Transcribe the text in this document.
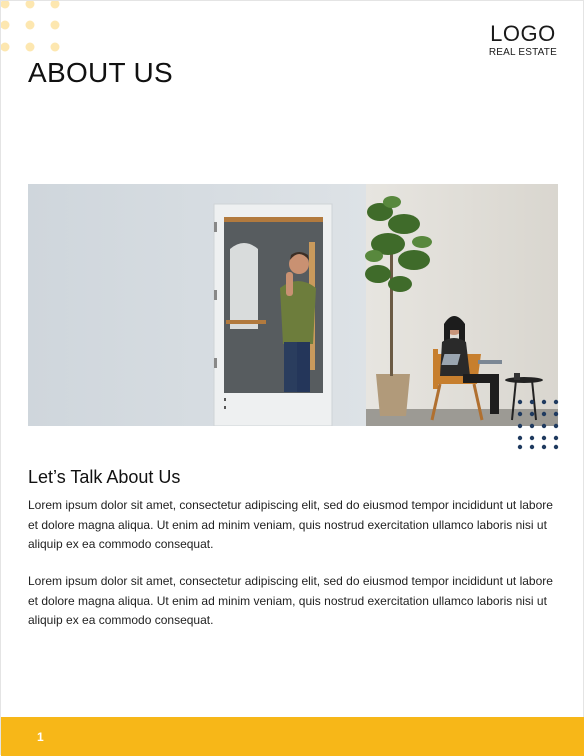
LOGO
REAL ESTATE
ABOUT US
Let’s Talk About Us

Lorem ipsum dolor sit amet, consectetur adipiscing elit, sed do eiusmod tempor incididunt ut labore et dolore magna aliqua. Ut enim ad minim veniam, quis nostrud exercitation ullamco laboris nisi ut aliquip ex ea commodo consequat.

Lorem ipsum dolor sit amet, consectetur adipiscing elit, sed do eiusmod tempor incididunt ut labore et dolore magna aliqua. Ut enim ad minim veniam, quis nostrud exercitation ullamco laboris nisi ut aliquip ex ea commodo consequat.

1
